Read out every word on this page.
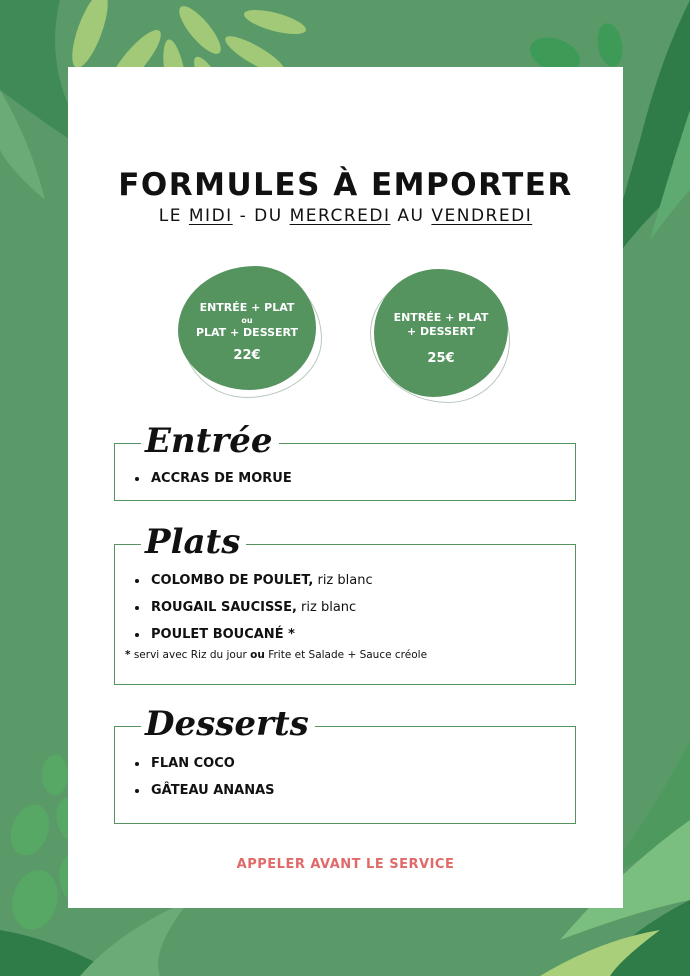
FORMULES À EMPORTER
LE MIDI - DU MERCREDI AU VENDREDI
ENTRÉE + PLAT
ou
PLAT + DESSERT
22€
ENTRÉE + PLAT
+ DESSERT
25€
Entrée
ACCRAS DE MORUE
Plats
COLOMBO DE POULET, riz blanc
ROUGAIL SAUCISSE, riz blanc
POULET BOUCANÉ *
* servi avec Riz du jour ou Frite et Salade + Sauce créole
Desserts
FLAN COCO
GÂTEAU ANANAS
APPELER AVANT LE SERVICE
